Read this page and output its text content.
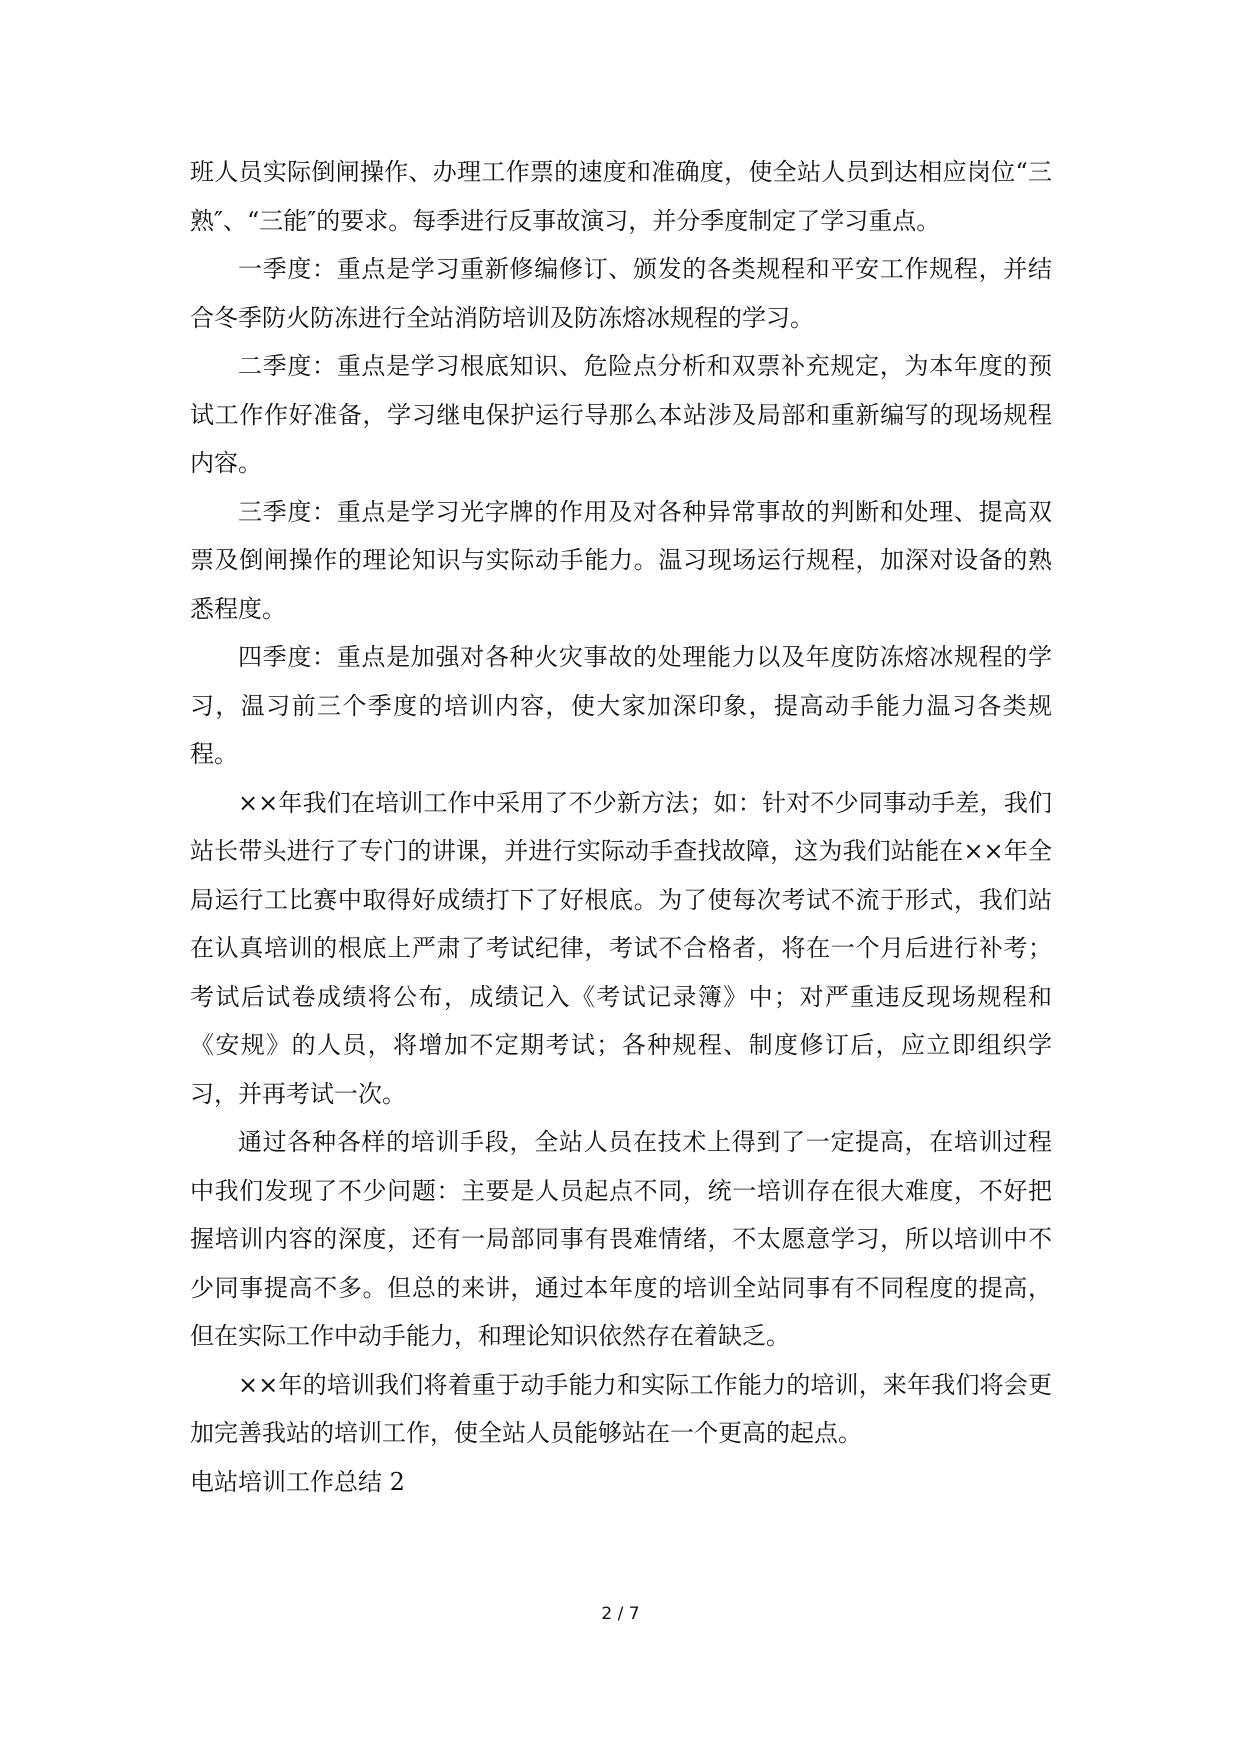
班人员实际倒闸操作、办理工作票的速度和准确度，使全站人员到达相应岗位“三熟″、“三能″的要求。每季进行反事故演习，并分季度制定了学习重点。

一季度：重点是学习重新修编修订、颁发的各类规程和平安工作规程，并结合冬季防火防冻进行全站消防培训及防冻熔冰规程的学习。

二季度：重点是学习根底知识、危险点分析和双票补充规定，为本年度的预试工作作好准备，学习继电保护运行导那么本站涉及局部和重新编写的现场规程内容。

三季度：重点是学习光字牌的作用及对各种异常事故的判断和处理、提高双票及倒闸操作的理论知识与实际动手能力。温习现场运行规程，加深对设备的熟悉程度。

四季度：重点是加强对各种火灾事故的处理能力以及年度防冻熔冰规程的学习，温习前三个季度的培训内容，使大家加深印象，提高动手能力温习各类规程。

××年我们在培训工作中采用了不少新方法；如：针对不少同事动手差，我们站长带头进行了专门的讲课，并进行实际动手查找故障，这为我们站能在××年全局运行工比赛中取得好成绩打下了好根底。为了使每次考试不流于形式，我们站在认真培训的根底上严肃了考试纪律，考试不合格者，将在一个月后进行补考；考试后试卷成绩将公布，成绩记入《考试记录簿》中；对严重违反现场规程和《安规》的人员，将增加不定期考试；各种规程、制度修订后，应立即组织学习，并再考试一次。

通过各种各样的培训手段，全站人员在技术上得到了一定提高，在培训过程中我们发现了不少问题：主要是人员起点不同，统一培训存在很大难度，不好把握培训内容的深度，还有一局部同事有畏难情绪，不太愿意学习，所以培训中不少同事提高不多。但总的来讲，通过本年度的培训全站同事有不同程度的提高，但在实际工作中动手能力，和理论知识依然存在着缺乏。

××年的培训我们将着重于动手能力和实际工作能力的培训，来年我们将会更加完善我站的培训工作，使全站人员能够站在一个更高的起点。

电站培训工作总结 2

2 / 7
